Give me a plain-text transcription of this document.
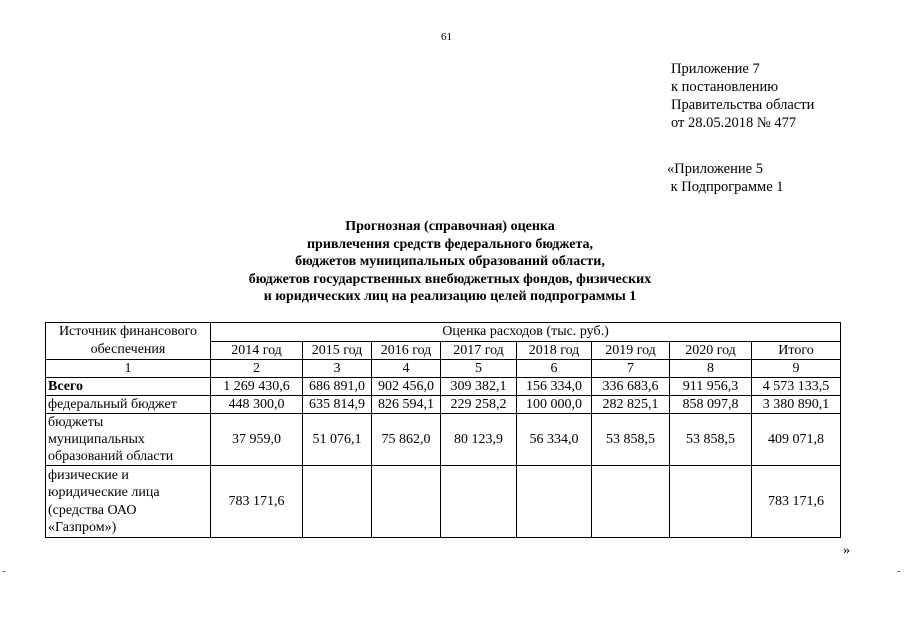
61
Приложение 7
к постановлению
Правительства области
от 28.05.2018 № 477
«Приложение 5
к Подпрограмме 1
Прогнозная (справочная) оценка
привлечения средств федерального бюджета,
бюджетов муниципальных образований области,
бюджетов государственных внебюджетных фондов, физических
и юридических лиц на реализацию целей подпрограммы 1
Источник финансового обеспечения	Оценка расходов (тыс. руб.)							
	2014 год	2015 год	2016 год	2017 год	2018 год	2019 год	2020 год	Итого
1	2	3	4	5	6	7	8	9
Всего	1 269 430,6	686 891,0	902 456,0	309 382,1	156 334,0	336 683,6	911 956,3	4 573 133,5
федеральный бюджет	448 300,0	635 814,9	826 594,1	229 258,2	100 000,0	282 825,1	858 097,8	3 380 890,1

бюджеты
муниципальных
образований области	37 959,0	51 076,1	75 862,0	80 123,9	56 334,0	53 858,5	53 858,5	409 071,8

физические и
юридические лица
(средства ОАО
«Газпром»)	783 171,6							783 171,6
»
-	-
